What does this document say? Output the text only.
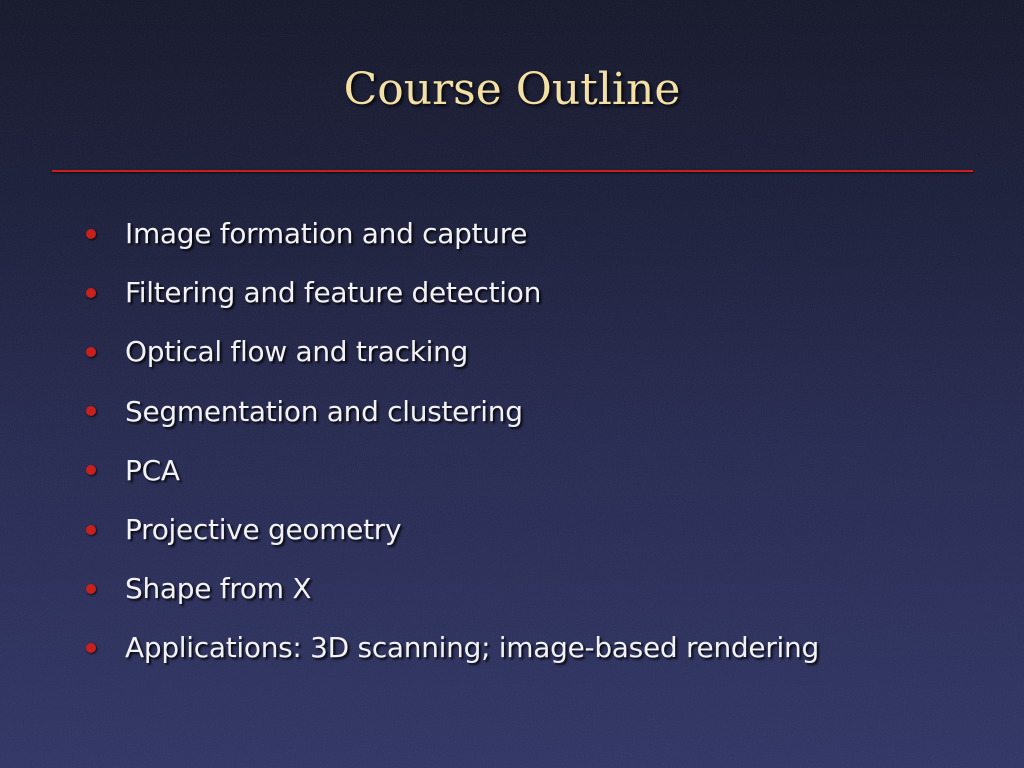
Course Outline
Image formation and capture
Filtering and feature detection
Optical flow and tracking
Segmentation and clustering
PCA
Projective geometry
Shape from X
Applications: 3D scanning; image-based rendering
